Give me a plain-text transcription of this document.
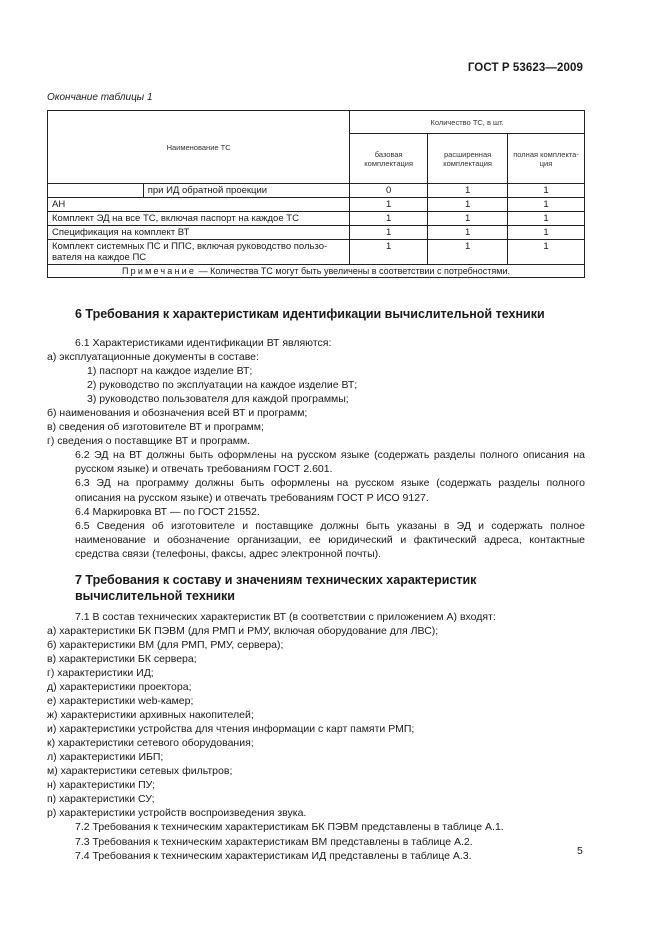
ГОСТ Р 53623—2009
Окончание таблицы 1
Наименование ТС		Количество ТС, в шт.		
		базовая комплектация	расширенная комплектация	полная комплекта-ция
	при ИД обратной проекции	0	1	1
АН		1	1	1
Комплект ЭД на все ТС, включая паспорт на каждое ТС		1	1	1
Спецификация на комплект ВТ		1	1	1
Комплект системных ПС и ППС, включая руководство пользо-вателя на каждое ПС		1	1	1
Примечание — Количества ТС могут быть увеличены в соответствии с потребностями.				
6 Требования к характеристикам идентификации вычислительной техники

6.1 Характеристиками идентификации ВТ являются:

а) эксплуатационные документы в составе:

1) паспорт на каждое изделие ВТ;

2) руководство по эксплуатации на каждое изделие ВТ;

3) руководство пользователя для каждой программы;

б) наименования и обозначения всей ВТ и программ;

в) сведения об изготовителе ВТ и программ;

г) сведения о поставщике ВТ и программ.

6.2 ЭД на ВТ должны быть оформлены на русском языке (содержать разделы полного описания на русском языке) и отвечать требованиям ГОСТ 2.601.

6.3 ЭД на программу должны быть оформлены на русском языке (содержать разделы полного описания на русском языке) и отвечать требованиям ГОСТ Р ИСО 9127.

6.4 Маркировка ВТ — по ГОСТ 21552.

6.5 Сведения об изготовителе и поставщике должны быть указаны в ЭД и содержать полное наименование и обозначение организации, ее юридический и фактический адреса, контактные средства связи (телефоны, факсы, адрес электронной почты).

7 Требования к составу и значениям технических характеристик вычислительной техники

7.1 В состав технических характеристик ВТ (в соответствии с приложением А) входят:

а) характеристики БК ПЭВМ (для РМП и РМУ, включая оборудование для ЛВС);

б) характеристики ВМ (для РМП, РМУ, сервера);

в) характеристики БК сервера;

г) характеристики ИД;

д) характеристики проектора;

е) характеристики web-камер;

ж) характеристики архивных накопителей;

и) характеристики устройства для чтения информации с карт памяти РМП;

к) характеристики сетевого оборудования;

л) характеристики ИБП;

м) характеристики сетевых фильтров;

н) характеристики ПУ;

п) характеристики СУ;

р) характеристики устройств воспроизведения звука.

7.2 Требования к техническим характеристикам БК ПЭВМ представлены в таблице А.1.

7.3 Требования к техническим характеристикам ВМ представлены в таблице А.2.

7.4 Требования к техническим характеристикам ИД представлены в таблице А.3.	5
